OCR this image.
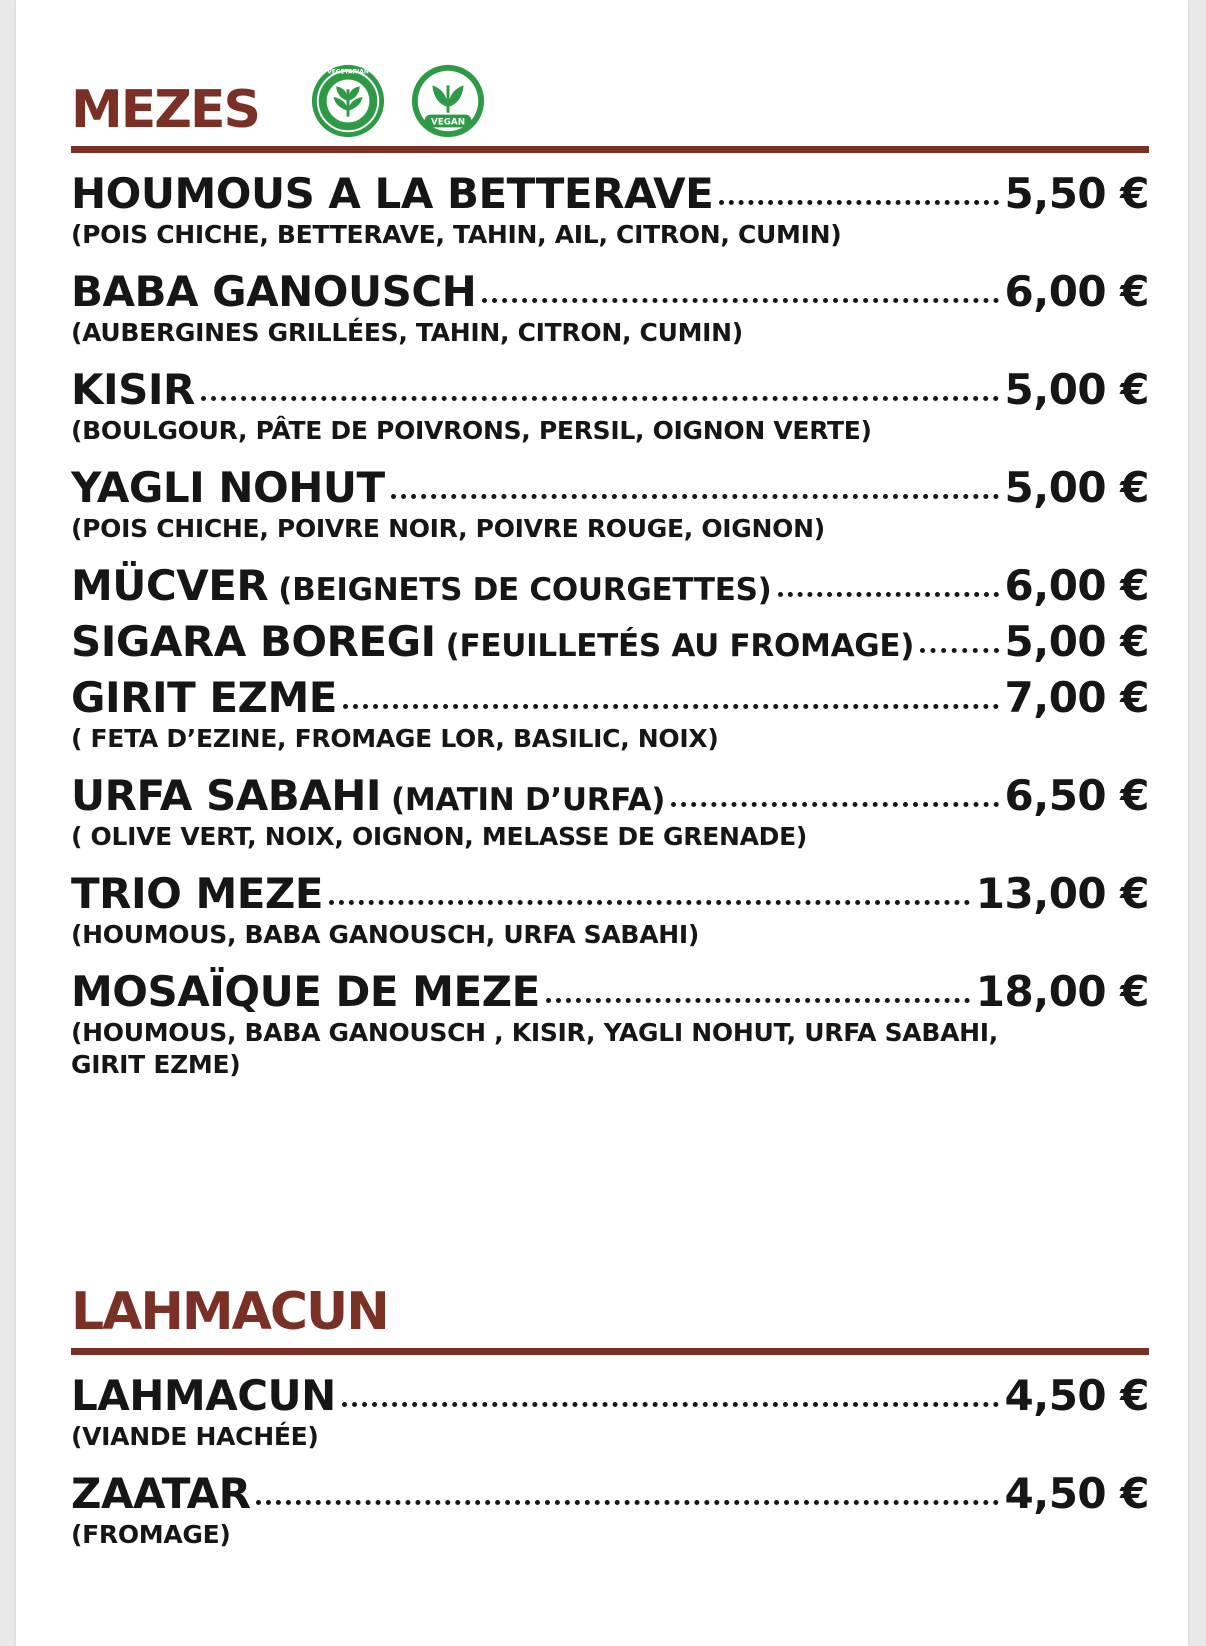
MEZES
VEGETARIAN
VEGAN
HOUMOUS A LA BETTERAVE	5,50 €
(POIS CHICHE, BETTERAVE, TAHIN, AIL, CITRON, CUMIN)
BABA GANOUSCH	6,00 €
(AUBERGINES GRILLÉES, TAHIN, CITRON, CUMIN)
KISIR	5,00 €
(BOULGOUR, PÂTE DE POIVRONS, PERSIL, OIGNON VERTE)
YAGLI NOHUT	5,00 €
(POIS CHICHE, POIVRE NOIR, POIVRE ROUGE, OIGNON)
MÜCVER (BEIGNETS DE COURGETTES)	6,00 €
SIGARA BOREGI (FEUILLETÉS AU FROMAGE) 5,00 €
GIRIT EZME	7,00 €
( FETA D’EZINE, FROMAGE LOR, BASILIC, NOIX)
URFA SABAHI (MATIN D’URFA)	6,50 €
( OLIVE VERT, NOIX, OIGNON, MELASSE DE GRENADE)
TRIO MEZE	13,00 €
(HOUMOUS, BABA GANOUSCH, URFA SABAHI)
MOSAÏQUE DE MEZE	18,00 €
(HOUMOUS, BABA GANOUSCH , KISIR, YAGLI NOHUT, URFA SABAHI, GIRIT EZME)
LAHMACUN
LAHMACUN	4,50 €
(VIANDE HACHÉE)
ZAATAR	4,50 €
(FROMAGE)
